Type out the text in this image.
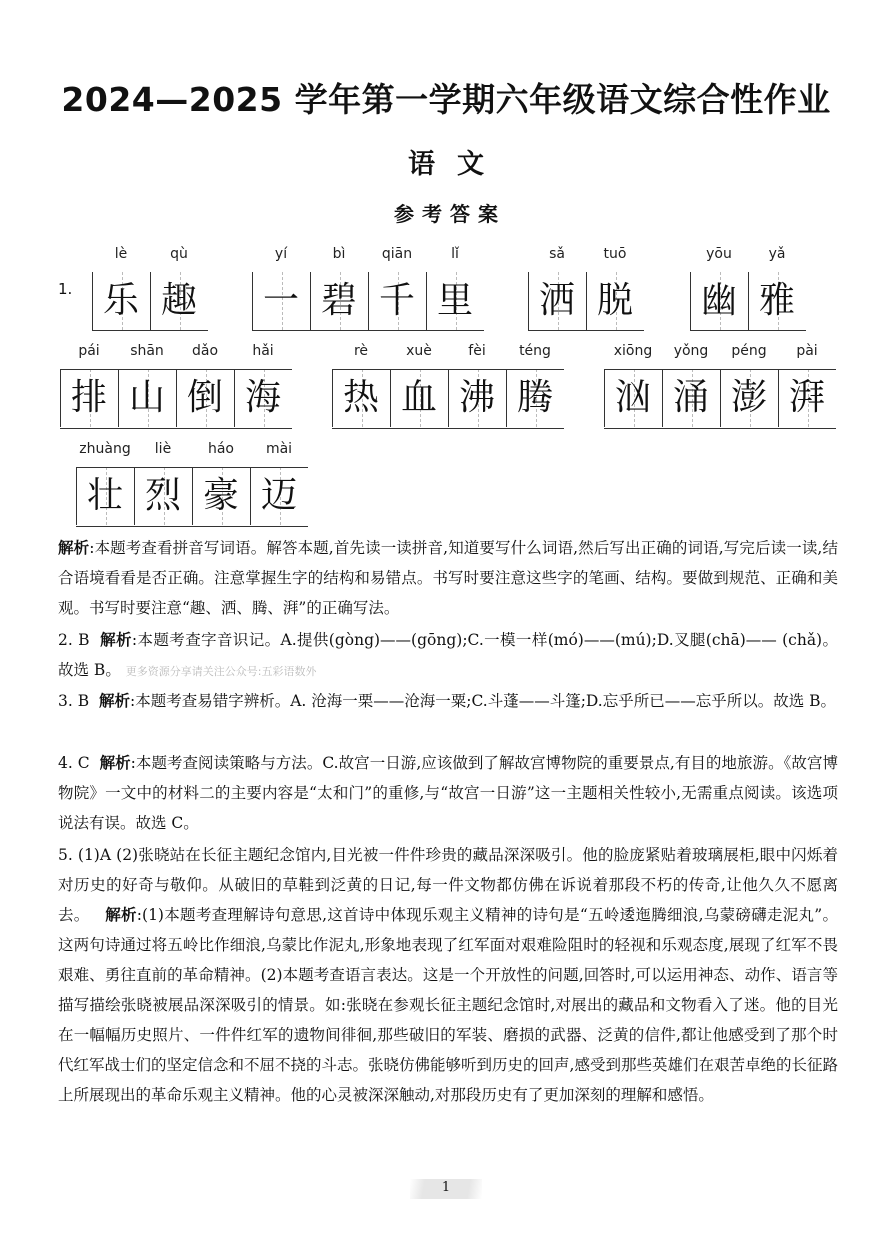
2024—2025 学年第一学期六年级语文综合性作业
语文
参考答案
1.
lè
乐
qù
趣
yí
一
bì
碧
qiān
千
lǐ
里
sǎ
洒
tuō
脱
yōu
幽
yǎ
雅
pái
排
shān
山
dǎo
倒
hǎi
海
rè
热
xuè
血
fèi
沸
téng
腾
xiōng
汹
yǒng
涌
péng
澎
pài
湃
zhuàng
壮
liè
烈
háo
豪
mài
迈
解析:本题考查看拼音写词语。解答本题,首先读一读拼音,知道要写什么词语,然后写出正确的词语,写完后读一读,结合语境看看是否正确。注意掌握生字的结构和易错点。书写时要注意这些字的笔画、结构。要做到规范、正确和美观。书写时要注意“趣、洒、腾、湃”的正确写法。
2. B 解析:本题考查字音识记。A.提供(gòng)——(gōng);C.一模一样(mó)——(mú);D.叉腿(chā)—— (chǎ)。故选 B。 更多资源分享请关注公众号:五彩语数外
3. B 解析:本题考查易错字辨析。A. 沧海一栗——沧海一粟;C.斗蓬——斗篷;D.忘乎所已——忘乎所以。故选 B。
4. C 解析:本题考查阅读策略与方法。C.故宫一日游,应该做到了解故宫博物院的重要景点,有目的地旅游。《故宫博物院》一文中的材料二的主要内容是“太和门”的重修,与“故宫一日游”这一主题相关性较小,无需重点阅读。该选项说法有误。故选 C。
5. (1)A (2)张晓站在长征主题纪念馆内,目光被一件件珍贵的藏品深深吸引。他的脸庞紧贴着玻璃展柜,眼中闪烁着对历史的好奇与敬仰。从破旧的草鞋到泛黄的日记,每一件文物都仿佛在诉说着那段不朽的传奇,让他久久不愿离去。 解析:(1)本题考查理解诗句意思,这首诗中体现乐观主义精神的诗句是“五岭逶迤腾细浪,乌蒙磅礴走泥丸”。这两句诗通过将五岭比作细浪,乌蒙比作泥丸,形象地表现了红军面对艰难险阻时的轻视和乐观态度,展现了红军不畏艰难、勇往直前的革命精神。(2)本题考查语言表达。这是一个开放性的问题,回答时,可以运用神态、动作、语言等描写描绘张晓被展品深深吸引的情景。如:张晓在参观长征主题纪念馆时,对展出的藏品和文物看入了迷。他的目光在一幅幅历史照片、一件件红军的遗物间徘徊,那些破旧的军装、磨损的武器、泛黄的信件,都让他感受到了那个时代红军战士们的坚定信念和不屈不挠的斗志。张晓仿佛能够听到历史的回声,感受到那些英雄们在艰苦卓绝的长征路上所展现出的革命乐观主义精神。他的心灵被深深触动,对那段历史有了更加深刻的理解和感悟。
1
